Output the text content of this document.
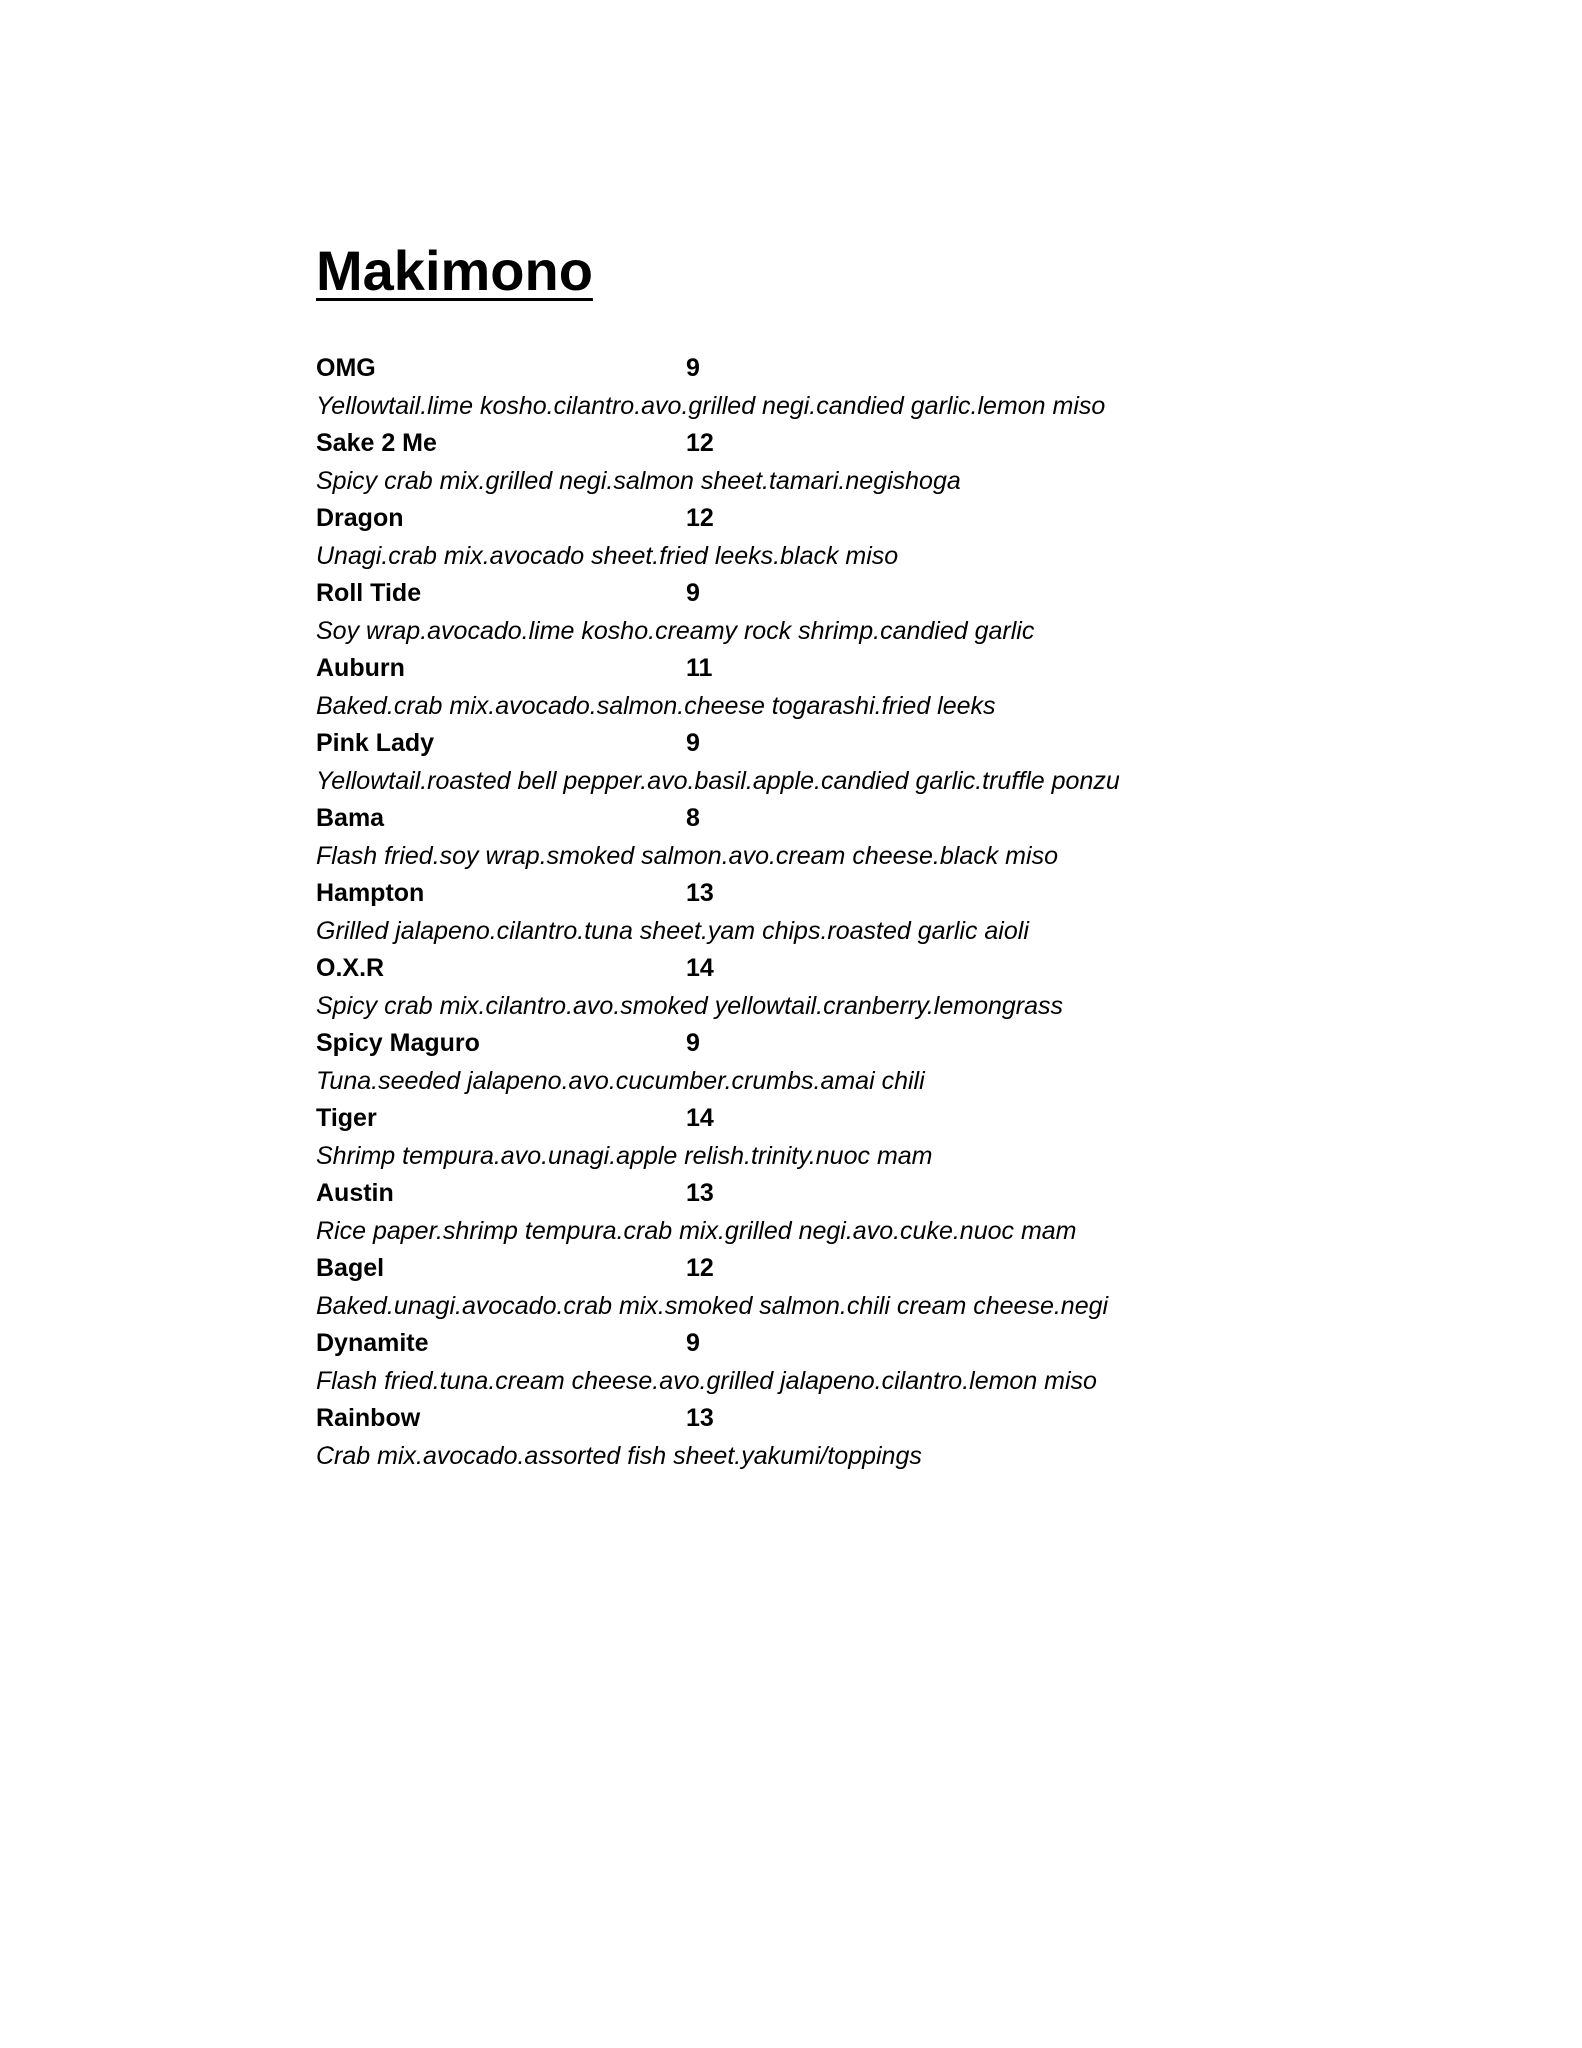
Makimono
OMG	9
Yellowtail.lime kosho.cilantro.avo.grilled negi.candied garlic.lemon miso
Sake 2 Me	12
Spicy crab mix.grilled negi.salmon sheet.tamari.negishoga
Dragon	12
Unagi.crab mix.avocado sheet.fried leeks.black miso
Roll Tide	9
Soy wrap.avocado.lime kosho.creamy rock shrimp.candied garlic
Auburn	11
Baked.crab mix.avocado.salmon.cheese togarashi.fried leeks
Pink Lady	9
Yellowtail.roasted bell pepper.avo.basil.apple.candied garlic.truffle ponzu
Bama	8
Flash fried.soy wrap.smoked salmon.avo.cream cheese.black miso
Hampton	13
Grilled jalapeno.cilantro.tuna sheet.yam chips.roasted garlic aioli
O.X.R	14
Spicy crab mix.cilantro.avo.smoked yellowtail.cranberry.lemongrass
Spicy Maguro	9
Tuna.seeded jalapeno.avo.cucumber.crumbs.amai chili
Tiger	14
Shrimp tempura.avo.unagi.apple relish.trinity.nuoc mam
Austin	13
Rice paper.shrimp tempura.crab mix.grilled negi.avo.cuke.nuoc mam
Bagel	12
Baked.unagi.avocado.crab mix.smoked salmon.chili cream cheese.negi
Dynamite	9
Flash fried.tuna.cream cheese.avo.grilled jalapeno.cilantro.lemon miso
Rainbow	13
Crab mix.avocado.assorted fish sheet.yakumi/toppings
